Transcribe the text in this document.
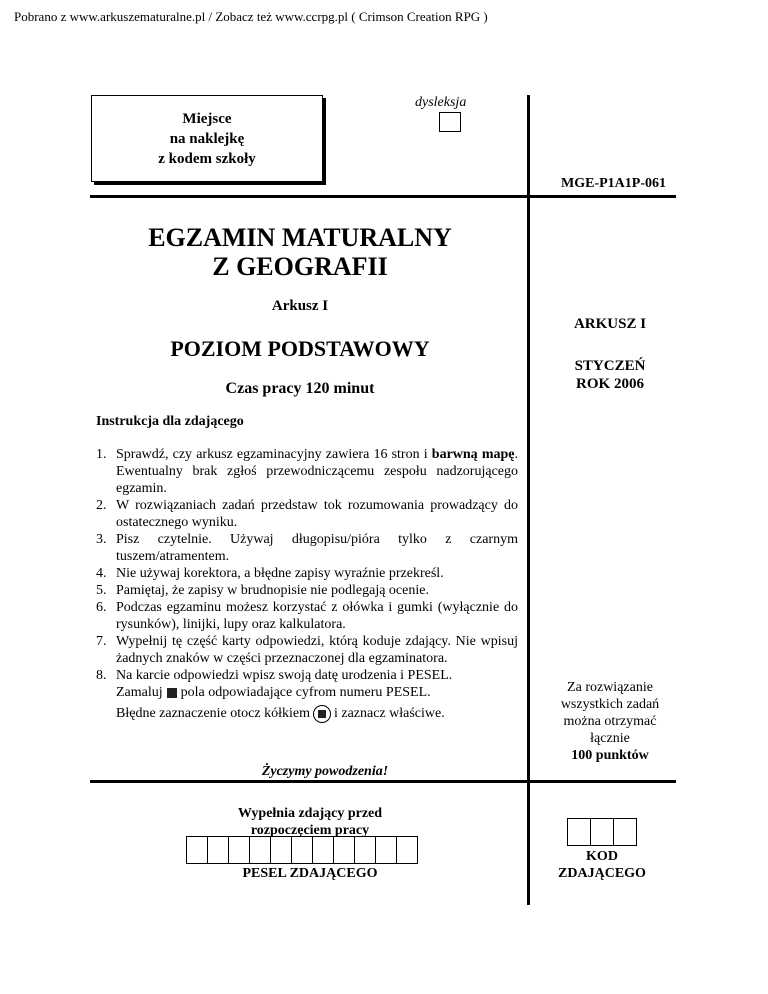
Pobrano z www.arkuszematuralne.pl / Zobacz też www.ccrpg.pl ( Crimson Creation RPG )
Miejsce
na naklejkę
z kodem szkoły
dysleksja
MGE-P1A1P-061
EGZAMIN MATURALNY
Z GEOGRAFII
Arkusz I
POZIOM PODSTAWOWY
Czas pracy 120 minut
ARKUSZ I
STYCZEŃ
ROK 2006
Instrukcja dla zdającego
1. Sprawdź, czy arkusz egzaminacyjny zawiera 16 stron i barwną mapę. Ewentualny brak zgłoś przewodniczącemu zespołu nadzorującego egzamin.
2. W rozwiązaniach zadań przedstaw tok rozumowania prowadzący do ostatecznego wyniku.
3. Pisz czytelnie. Używaj długopisu/pióra tylko z czarnym tuszem/atramentem.
4. Nie używaj korektora, a błędne zapisy wyraźnie przekreśl.
5. Pamiętaj, że zapisy w brudnopisie nie podlegają ocenie.
6. Podczas egzaminu możesz korzystać z ołówka i gumki (wyłącznie do rysunków), linijki, lupy oraz kalkulatora.
7. Wypełnij tę część karty odpowiedzi, którą koduje zdający. Nie wpisuj żadnych znaków w części przeznaczonej dla egzaminatora.
8. Na karcie odpowiedzi wpisz swoją datę urodzenia i PESEL.
Zamaluj pola odpowiadające cyfrom numeru PESEL.
Błędne zaznaczenie otocz kółkiem i zaznacz właściwe.
Życzymy powodzenia!
Za rozwiązanie
wszystkich zadań
można otrzymać
łącznie
100 punktów
Wypełnia zdający przed
rozpoczęciem pracy
PESEL ZDAJĄCEGO
KOD
ZDAJĄCEGO
